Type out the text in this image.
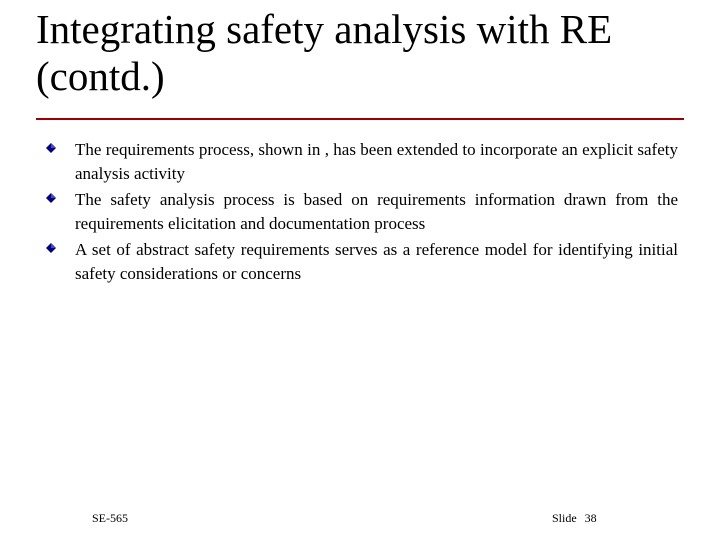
Integrating safety analysis with RE
(contd.)
The requirements process, shown in , has been extended to incorporate an explicit safety analysis activity
The safety analysis process is based on requirements information drawn from the requirements elicitation and documentation process
A set of abstract safety requirements serves as a reference model for identifying initial safety considerations or concerns
SE-565	Slide 38
